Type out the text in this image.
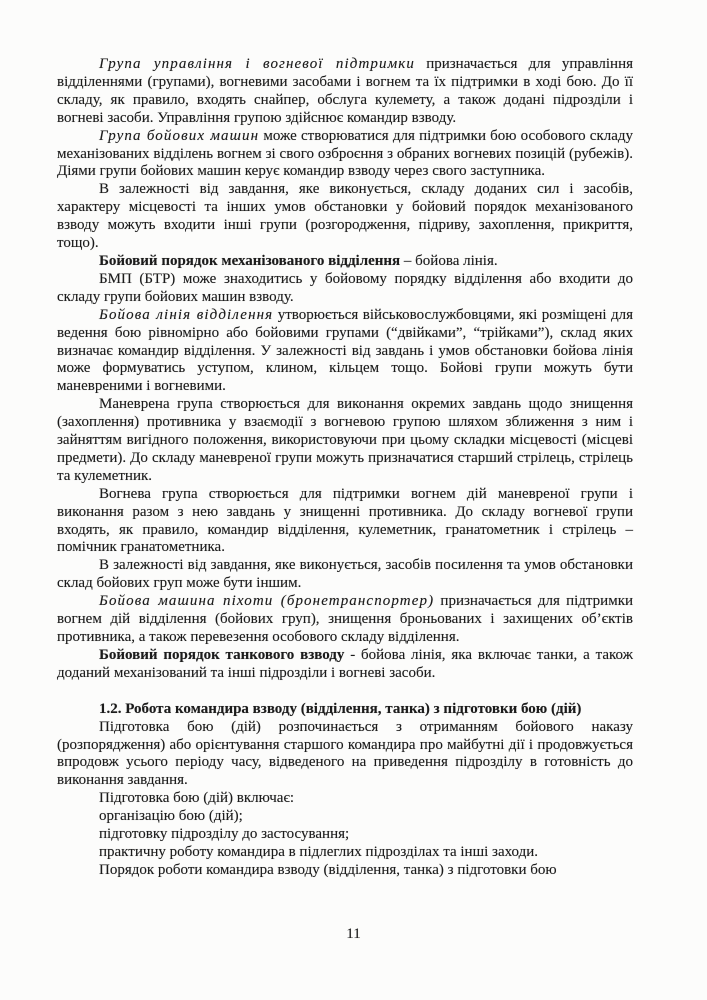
Група управління і вогневої підтримки призначається для управління відділеннями (групами), вогневими засобами і вогнем та їх підтримки в ході бою. До її складу, як правило, входять снайпер, обслуга кулемету, а також додані підрозділи і вогневі засоби. Управління групою здійснює командир взводу.

Група бойових машин може створюватися для підтримки бою особового складу механізованих відділень вогнем зі свого озброєння з обраних вогневих позицій (рубежів). Діями групи бойових машин керує командир взводу через свого заступника.

В залежності від завдання, яке виконується, складу доданих сил і засобів, характеру місцевості та інших умов обстановки у бойовий порядок механізованого взводу можуть входити інші групи (розгородження, підриву, захоплення, прикриття, тощо).

Бойовий порядок механізованого відділення – бойова лінія.

БМП (БТР) може знаходитись у бойовому порядку відділення або входити до складу групи бойових машин взводу.

Бойова лінія відділення утворюється військовослужбовцями, які розміщені для ведення бою рівномірно або бойовими групами (“двійками”, “трійками”), склад яких визначає командир відділення. У залежності від завдань і умов обстановки бойова лінія може формуватись уступом, клином, кільцем тощо. Бойові групи можуть бути маневреними і вогневими.

Маневрена група створюється для виконання окремих завдань щодо знищення (захоплення) противника у взаємодії з вогневою групою шляхом зближення з ним і зайняттям вигідного положення, використовуючи при цьому складки місцевості (місцеві предмети). До складу маневреної групи можуть призначатися старший стрілець, стрілець та кулеметник.

Вогнева група створюється для підтримки вогнем дій маневреної групи і виконання разом з нею завдань у знищенні противника. До складу вогневої групи входять, як правило, командир відділення, кулеметник, гранатометник і стрілець – помічник гранатометника.

В залежності від завдання, яке виконується, засобів посилення та умов обстановки склад бойових груп може бути іншим.

Бойова машина піхоти (бронетранспортер) призначається для підтримки вогнем дій відділення (бойових груп), знищення броньованих і захищених об’єктів противника, а також перевезення особового складу відділення.

Бойовий порядок танкового взводу - бойова лінія, яка включає танки, а також доданий механізований та інші підрозділи і вогневі засоби.

1.2. Робота командира взводу (відділення, танка) з підготовки бою (дій)

Підготовка бою (дій) розпочинається з отриманням бойового наказу (розпорядження) або орієнтування старшого командира про майбутні дії і продовжується впродовж усього періоду часу, відведеного на приведення підрозділу в готовність до виконання завдання.

Підготовка бою (дій) включає:

організацію бою (дій);

підготовку підрозділу до застосування;

практичну роботу командира в підлеглих підрозділах та інші заходи.

Порядок роботи командира взводу (відділення, танка) з підготовки бою

11
